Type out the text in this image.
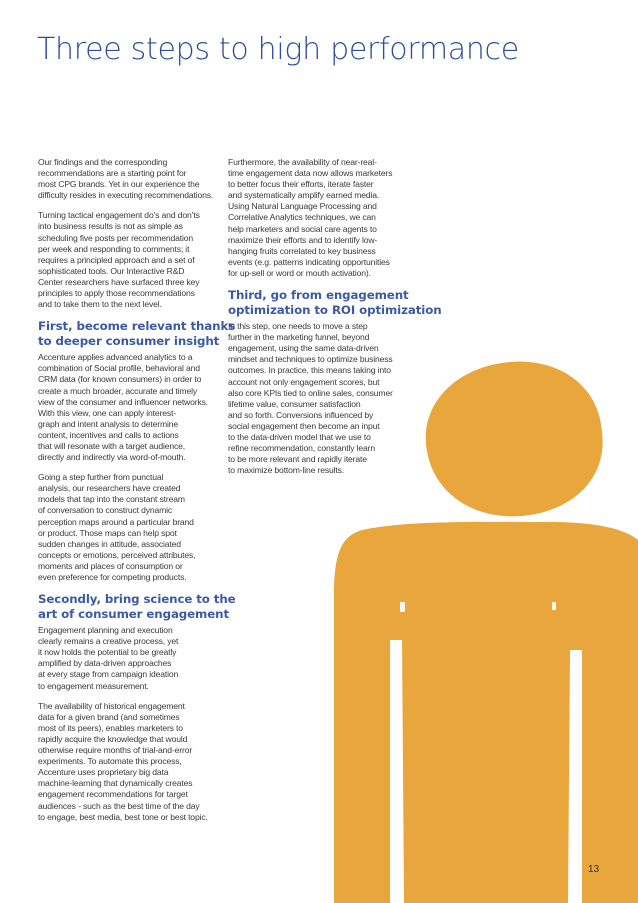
Three steps to high performance

Our findings and the corresponding
recommendations are a starting point for
most CPG brands. Yet in our experience the
difficulty resides in executing recommendations.

Turning tactical engagement do’s and don’ts
into business results is not as simple as
scheduling five posts per recommendation
per week and responding to comments; it
requires a principled approach and a set of
sophisticated tools. Our Interactive R&D
Center researchers have surfaced three key
principles to apply those recommendations
and to take them to the next level.

First, become relevant thanks
to deeper consumer insight

Accenture applies advanced analytics to a
combination of Social profile, behavioral and
CRM data (for known consumers) in order to
create a much broader, accurate and timely
view of the consumer and influencer networks.
With this view, one can apply interest-
graph and intent analysis to determine
content, incentives and calls to actions
that will resonate with a target audience,
directly and indirectly via word-of-mouth.

Going a step further from punctual
analysis, our researchers have created
models that tap into the constant stream
of conversation to construct dynamic
perception maps around a particular brand
or product. Those maps can help spot
sudden changes in attitude, associated
concepts or emotions, perceived attributes,
moments and places of consumption or
even preference for competing products.

Secondly, bring science to the
art of consumer engagement

Engagement planning and execution
clearly remains a creative process, yet
it now holds the potential to be greatly
amplified by data-driven approaches
at every stage from campaign ideation
to engagement measurement.

The availability of historical engagement
data for a given brand (and sometimes
most of its peers), enables marketers to
rapidly acquire the knowledge that would
otherwise require months of trial-and-error
experiments. To automate this process,
Accenture uses proprietary big data
machine-learning that dynamically creates
engagement recommendations for target
audiences - such as the best time of the day
to engage, best media, best tone or best topic.

Furthermore, the availability of near-real-
time engagement data now allows marketers
to better focus their efforts, iterate faster
and systematically amplify earned media.
Using Natural Language Processing and
Correlative Analytics techniques, we can
help marketers and social care agents to
maximize their efforts and to identify low-
hanging fruits correlated to key business
events (e.g. patterns indicating opportunities
for up-sell or word or mouth activation).

Third, go from engagement
optimization to ROI optimization

In this step, one needs to move a step
further in the marketing funnel, beyond
engagement, using the same data-driven
mindset and techniques to optimize business
outcomes. In practice, this means taking into
account not only engagement scores, but
also core KPIs tied to online sales, consumer
lifetime value, consumer satisfaction
and so forth. Conversions influenced by
social engagement then become an input
to the data-driven model that we use to
refine recommendation, constantly learn
to be more relevant and rapidly iterate
to maximize bottom-line results.

13
